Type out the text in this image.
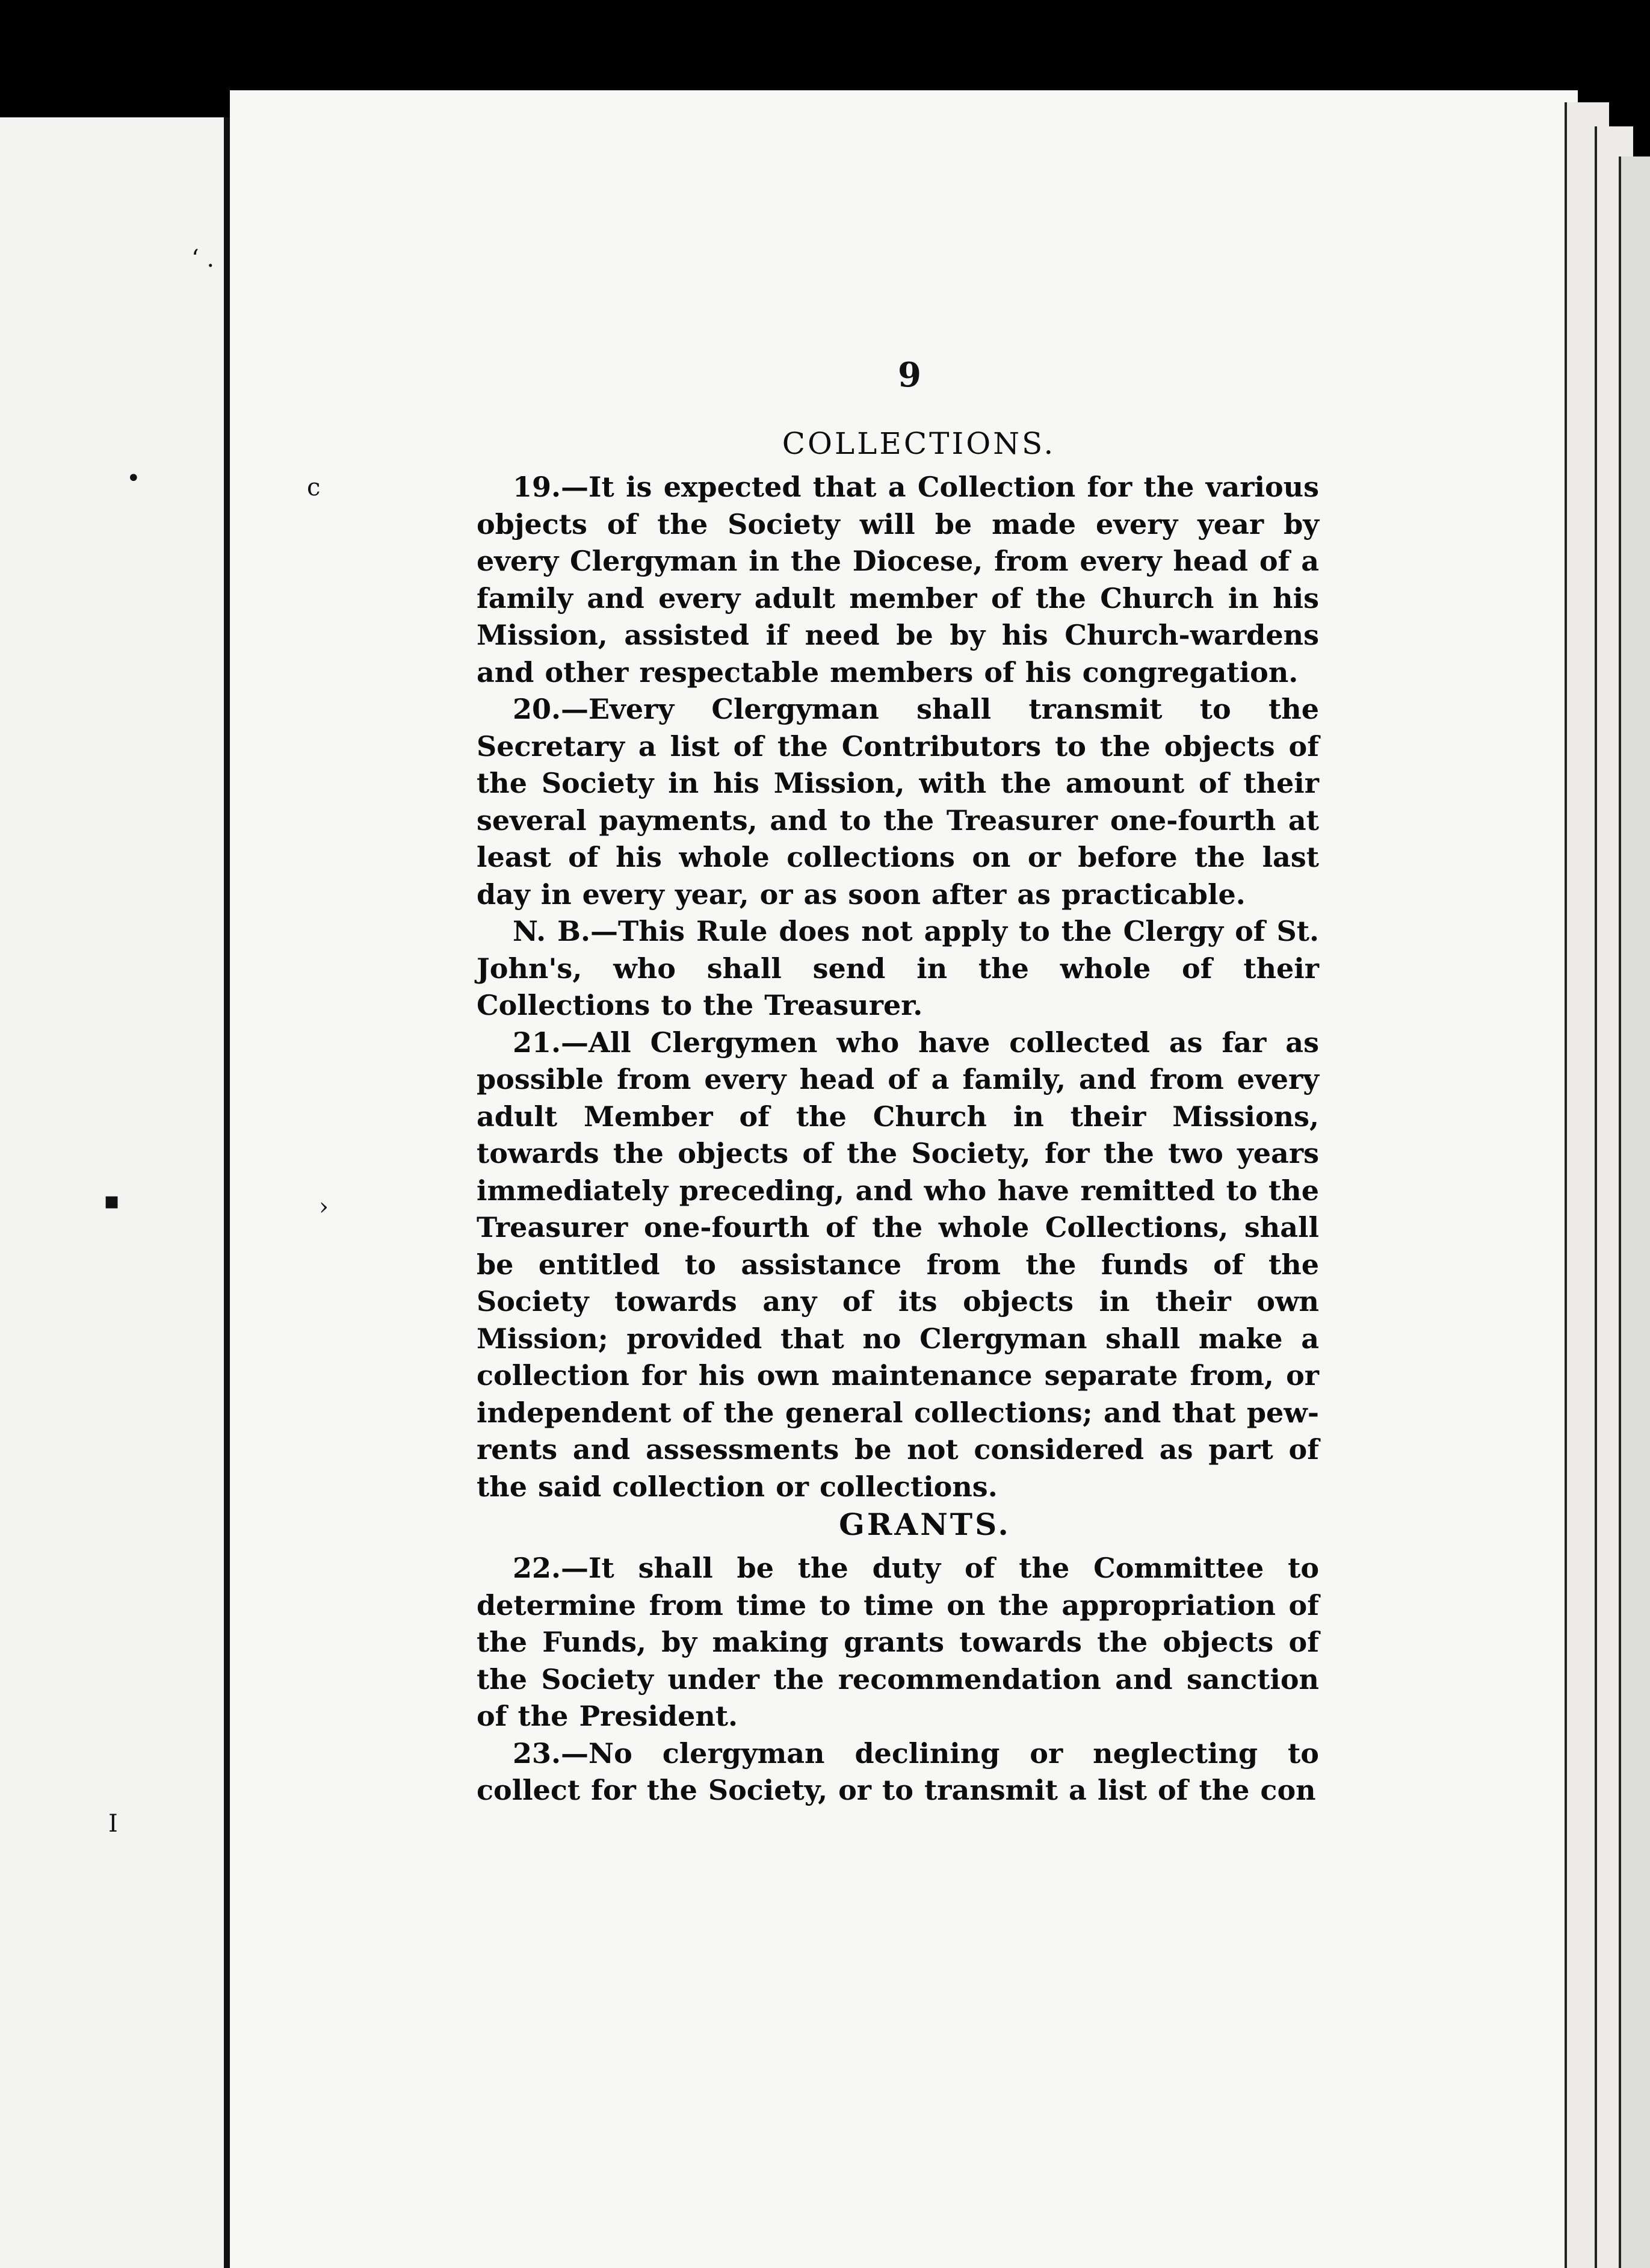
‘ .
•	c
▪	›
I
9
COLLECTIONS.

19.—It is expected that a Collection for the various objects of the Society will be made every year by every Clergyman in the Diocese, from every head of a family and every adult member of the Church in his Mission, assisted if need be by his Church-wardens and other respectable members of his congregation.

20.—Every Clergyman shall transmit to the Secretary a list of the Contributors to the objects of the Society in his Mission, with the amount of their several payments, and to the Treasurer one-fourth at least of his whole collections on or before the last day in every year, or as soon after as practicable.

N. B.—This Rule does not apply to the Clergy of St. John's, who shall send in the whole of their Collections to the Treasurer.

21.—All Clergymen who have collected as far as possible from every head of a family, and from every adult Member of the Church in their Missions, towards the objects of the Society, for the two years immediately preceding, and who have remitted to the Treasurer one-fourth of the whole Collections, shall be entitled to assistance from the funds of the Society towards any of its objects in their own Mission; provided that no Clergyman shall make a collection for his own maintenance separate from, or independent of the general collections; and that pew-rents and assessments be not considered as part of the said collection or collections.

GRANTS.

22.—It shall be the duty of the Committee to determine from time to time on the appropriation of the Funds, by making grants towards the objects of the Society under the recommendation and sanction of the President.

23.—No clergyman declining or neglecting to collect for the Society, or to transmit a list of the con
